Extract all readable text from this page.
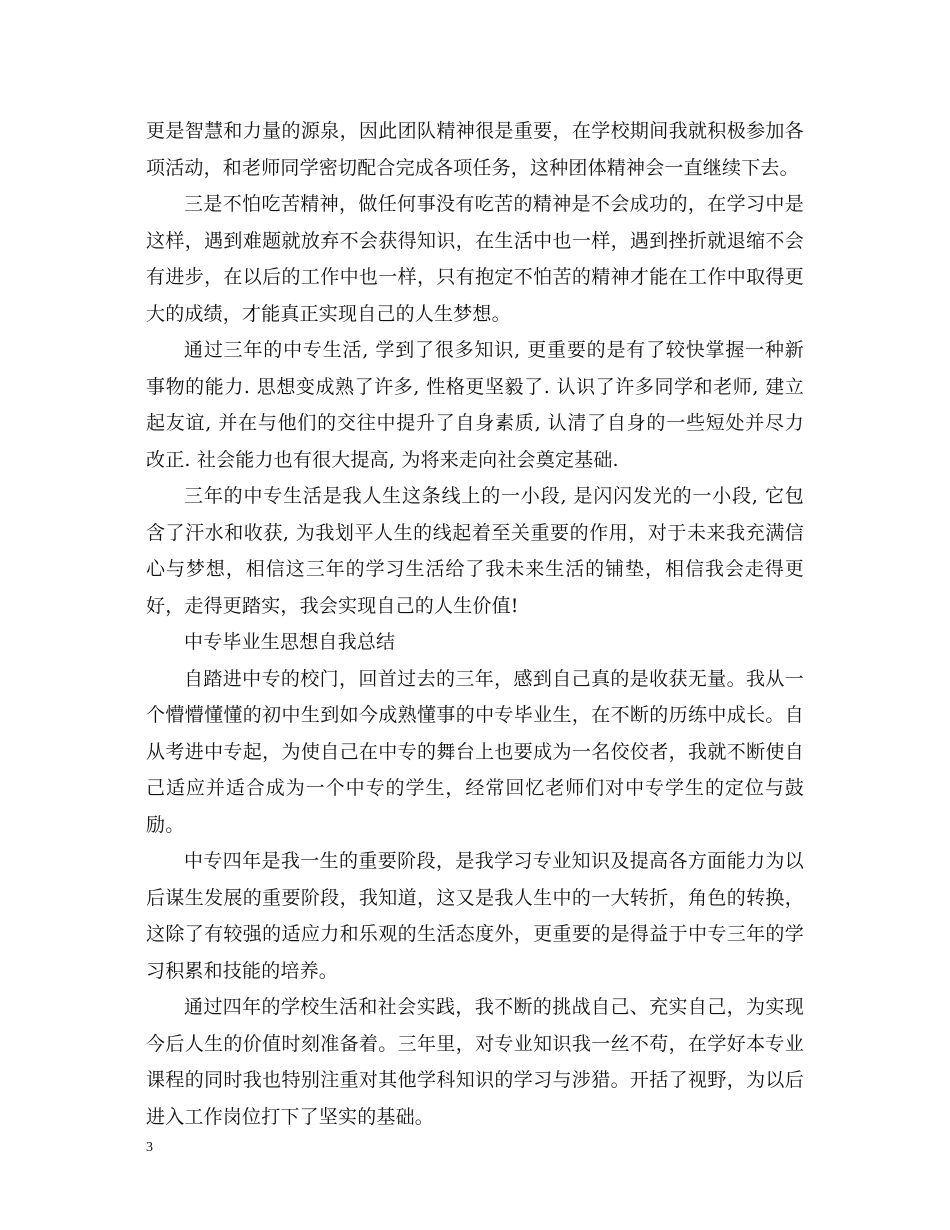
更是智慧和力量的源泉，因此团队精神很是重要，在学校期间我就积极参加各项活动，和老师同学密切配合完成各项任务，这种团体精神会一直继续下去。

三是不怕吃苦精神，做任何事没有吃苦的精神是不会成功的，在学习中是这样，遇到难题就放弃不会获得知识，在生活中也一样，遇到挫折就退缩不会有进步，在以后的工作中也一样，只有抱定不怕苦的精神才能在工作中取得更大的成绩，才能真正实现自己的人生梦想。

通过三年的中专生活, 学到了很多知识, 更重要的是有了较快掌握一种新事物的能力. 思想变成熟了许多, 性格更坚毅了. 认识了许多同学和老师, 建立起友谊, 并在与他们的交往中提升了自身素质, 认清了自身的一些短处并尽力改正. 社会能力也有很大提高, 为将来走向社会奠定基础.

三年的中专生活是我人生这条线上的一小段, 是闪闪发光的一小段, 它包含了汗水和收获, 为我划平人生的线起着至关重要的作用，对于未来我充满信心与梦想，相信这三年的学习生活给了我未来生活的铺垫，相信我会走得更好，走得更踏实，我会实现自己的人生价值!

中专毕业生思想自我总结

自踏进中专的校门，回首过去的三年，感到自己真的是收获无量。我从一个懵懵懂懂的初中生到如今成熟懂事的中专毕业生，在不断的历练中成长。自从考进中专起，为使自己在中专的舞台上也要成为一名佼佼者，我就不断使自己适应并适合成为一个中专的学生，经常回忆老师们对中专学生的定位与鼓励。

中专四年是我一生的重要阶段，是我学习专业知识及提高各方面能力为以后谋生发展的重要阶段，我知道，这又是我人生中的一大转折，角色的转换，这除了有较强的适应力和乐观的生活态度外，更重要的是得益于中专三年的学习积累和技能的培养。

通过四年的学校生活和社会实践，我不断的挑战自己、充实自己，为实现今后人生的价值时刻准备着。三年里，对专业知识我一丝不苟，在学好本专业课程的同时我也特别注重对其他学科知识的学习与涉猎。开括了视野，为以后进入工作岗位打下了坚实的基础。

3
